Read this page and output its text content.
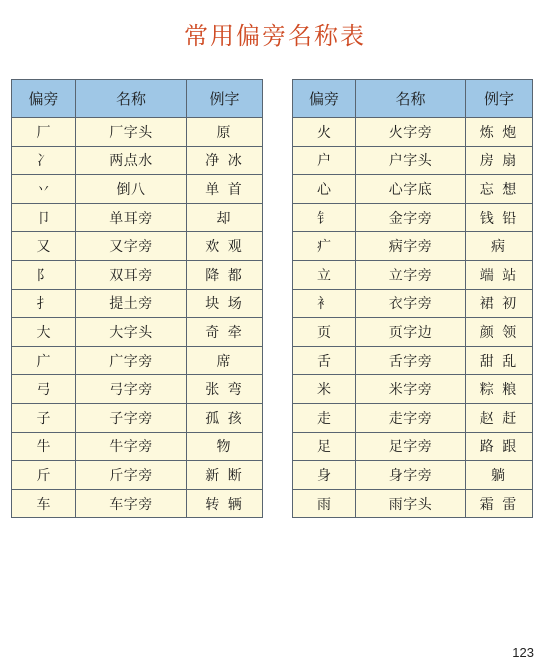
常用偏旁名称表
偏旁	名称	例字
厂	厂字头	原
冫	两点水	净 冰
丷	倒八	单 首
卩	单耳旁	却
又	又字旁	欢 观
阝	双耳旁	降 都
扌	提土旁	块 场
大	大字头	奇 牵
广	广字旁	席
弓	弓字旁	张 弯
子	子字旁	孤 孩
牛	牛字旁	物
斤	斤字旁	新 断
车	车字旁	转 辆
偏旁	名称	例字
火	火字旁	炼 炮
户	户字头	房 扇
心	心字底	忘 想
钅	金字旁	钱 铅
疒	病字旁	病
立	立字旁	端 站
衤	衣字旁	裙 初
页	页字边	颜 领
舌	舌字旁	甜 乱
米	米字旁	粽 粮
走	走字旁	赵 赶
足	足字旁	路 跟
身	身字旁	躺
雨	雨字头	霜 雷
123
